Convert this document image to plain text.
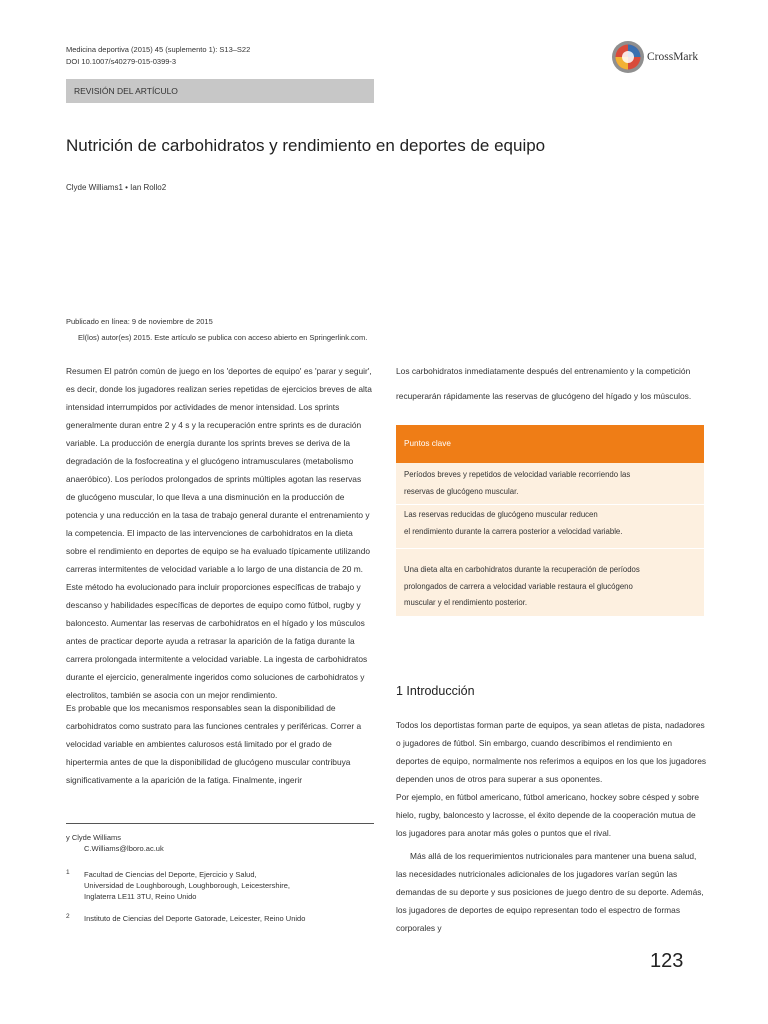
Medicina deportiva (2015) 45 (suplemento 1): S13–S22
DOI 10.1007/s40279-015-0399-3	CrossMark
REVISIÓN DEL ARTÍCULO
Nutrición de carbohidratos y rendimiento en deportes de equipo
Clyde Williams1 • Ian Rollo2
Publicado en línea: 9 de noviembre de 2015
El(los) autor(es) 2015. Este artículo se publica con acceso abierto en Springerlink.com.

Resumen El patrón común de juego en los 'deportes de equipo' es 'parar y seguir',

es decir, donde los jugadores realizan series repetidas de ejercicios breves de alta

intensidad interrumpidos por actividades de menor intensidad. Los sprints

generalmente duran entre 2 y 4 s y la recuperación entre sprints es de duración

variable. La producción de energía durante los sprints breves se deriva de la

degradación de la fosfocreatina y el glucógeno intramusculares (metabolismo

anaeróbico). Los períodos prolongados de sprints múltiples agotan las reservas

de glucógeno muscular, lo que lleva a una disminución en la producción de

potencia y una reducción en la tasa de trabajo general durante el entrenamiento y

la competencia. El impacto de las intervenciones de carbohidratos en la dieta

sobre el rendimiento en deportes de equipo se ha evaluado típicamente utilizando

carreras intermitentes de velocidad variable a lo largo de una distancia de 20 m.

Este método ha evolucionado para incluir proporciones específicas de trabajo y

descanso y habilidades específicas de deportes de equipo como fútbol, rugby y

baloncesto. Aumentar las reservas de carbohidratos en el hígado y los músculos

antes de practicar deporte ayuda a retrasar la aparición de la fatiga durante la

carrera prolongada intermitente a velocidad variable. La ingesta de carbohidratos

durante el ejercicio, generalmente ingeridos como soluciones de carbohidratos y

electrolitos, también se asocia con un mejor rendimiento.

Es probable que los mecanismos responsables sean la disponibilidad de

carbohidratos como sustrato para las funciones centrales y periféricas. Correr a

velocidad variable en ambientes calurosos está limitado por el grado de

hipertermia antes de que la disponibilidad de glucógeno muscular contribuya

significativamente a la aparición de la fatiga. Finalmente, ingerir

y Clyde Williams
C.Williams@lboro.ac.uk
1 Facultad de Ciencias del Deporte, Ejercicio y Salud,
Universidad de Loughborough, Loughborough, Leicestershire,
Inglaterra LE11 3TU, Reino Unido
2 Instituto de Ciencias del Deporte Gatorade, Leicester, Reino Unido

Los carbohidratos inmediatamente después del entrenamiento y la competición

recuperarán rápidamente las reservas de glucógeno del hígado y los músculos.

Puntos clave

Períodos breves y repetidos de velocidad variable recorriendo las

reservas de glucógeno muscular.

Las reservas reducidas de glucógeno muscular reducen

el rendimiento durante la carrera posterior a velocidad variable.

Una dieta alta en carbohidratos durante la recuperación de períodos

prolongados de carrera a velocidad variable restaura el glucógeno

muscular y el rendimiento posterior.

1 Introducción

Todos los deportistas forman parte de equipos, ya sean atletas de pista, nadadores

o jugadores de fútbol. Sin embargo, cuando describimos el rendimiento en

deportes de equipo, normalmente nos referimos a equipos en los que los jugadores

dependen unos de otros para superar a sus oponentes.

Por ejemplo, en fútbol americano, fútbol americano, hockey sobre césped y sobre

hielo, rugby, baloncesto y lacrosse, el éxito depende de la cooperación mutua de

los jugadores para anotar más goles o puntos que el rival.

Más allá de los requerimientos nutricionales para mantener una buena salud,

las necesidades nutricionales adicionales de los jugadores varían según las

demandas de su deporte y sus posiciones de juego dentro de su deporte. Además,

los jugadores de deportes de equipo representan todo el espectro de formas

corporales y

123
